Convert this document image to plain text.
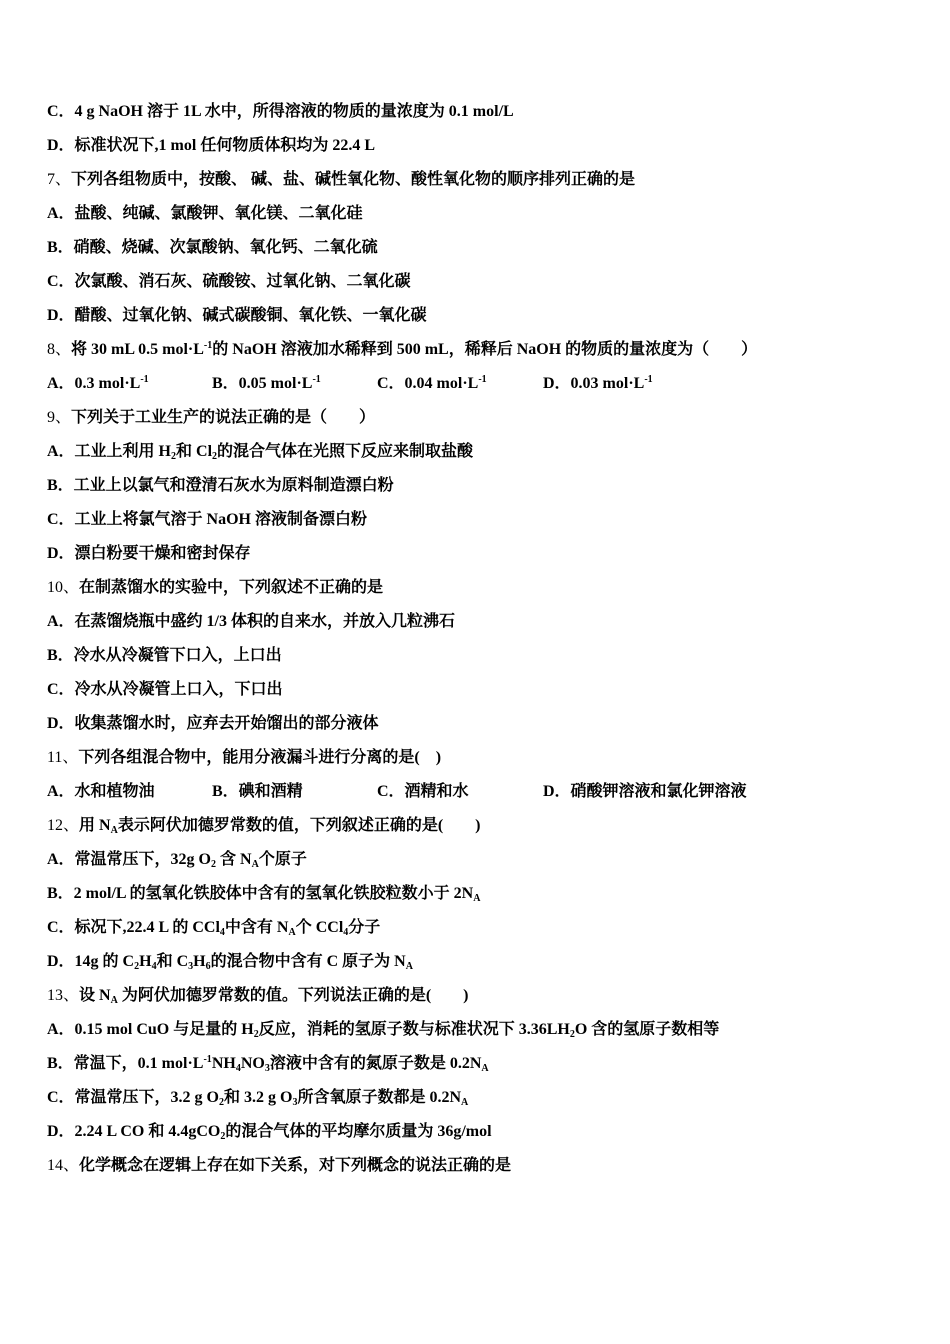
C．4 g NaOH 溶于 1L 水中，所得溶液的物质的量浓度为 0.1 mol/L
D．标准状况下,1 mol 任何物质体积均为 22.4 L
7、下列各组物质中，按酸、 碱、盐、碱性氧化物、酸性氧化物的顺序排列正确的是
A．盐酸、纯碱、氯酸钾、氧化镁、二氧化硅
B．硝酸、烧碱、次氯酸钠、氧化钙、二氧化硫
C．次氯酸、消石灰、硫酸铵、过氧化钠、二氧化碳
D．醋酸、过氧化钠、碱式碳酸铜、氧化铁、一氧化碳
8、将 30 mL 0.5 $mol\cdot L^{-1}$的 NaOH 溶液加水稀释到 500 mL，稀释后 NaOH 的物质的量浓度为（　　）
A．0.3 $mol\cdot L^{-1}$	B．0.05 $mol\cdot L^{-1}$	C．0.04 $mol\cdot L^{-1}$	D．0.03 $mol\cdot L^{-1}$
9、下列关于工业生产的说法正确的是（　　）
A．工业上利用 $H_2$和 $Cl_2$的混合气体在光照下反应来制取盐酸
B．工业上以氯气和澄清石灰水为原料制造漂白粉
C．工业上将氯气溶于 NaOH 溶液制备漂白粉
D．漂白粉要干燥和密封保存
10、在制蒸馏水的实验中，下列叙述不正确的是
A．在蒸馏烧瓶中盛约 1/3 体积的自来水，并放入几粒沸石
B．冷水从冷凝管下口入，上口出
C．冷水从冷凝管上口入，下口出
D．收集蒸馏水时，应弃去开始馏出的部分液体
11、下列各组混合物中，能用分液漏斗进行分离的是(　)
A．水和植物油	B．碘和酒精	C．酒精和水	D．硝酸钾溶液和氯化钾溶液
12、用 $N_A$表示阿伏加德罗常数的值，下列叙述正确的是(　　)
A．常温常压下，32g $O_2$ 含 $N_A$个原子
B．2 mol/L 的氢氧化铁胶体中含有的氢氧化铁胶粒数小于 $2N_A$
C．标况下,22.4 L 的 CCl$_4$中含有 $N_A$个 CCl$_4$分子
D．14g 的 $C_2H_4$和 $C_3H_6$的混合物中含有 C 原子为 $N_A$
13、设 $N_A$ 为阿伏加德罗常数的值。下列说法正确的是(　　)
A．0.15 mol CuO 与足量的 $H_2$反应，消耗的氢原子数与标准状况下 $3.36LH_2O$ 含的氢原子数相等
B．常温下，0.1 $mol\cdot L^{-1}NH_4NO_3$溶液中含有的氮原子数是 $0.2N_A$
C．常温常压下，3.2 g $O_2$和 3.2 g $O_3$所含氧原子数都是 $0.2N_A$
D．2.24 L CO 和 4.4gCO$_2$的混合气体的平均摩尔质量为 36g/mol
14、化学概念在逻辑上存在如下关系，对下列概念的说法正确的是
